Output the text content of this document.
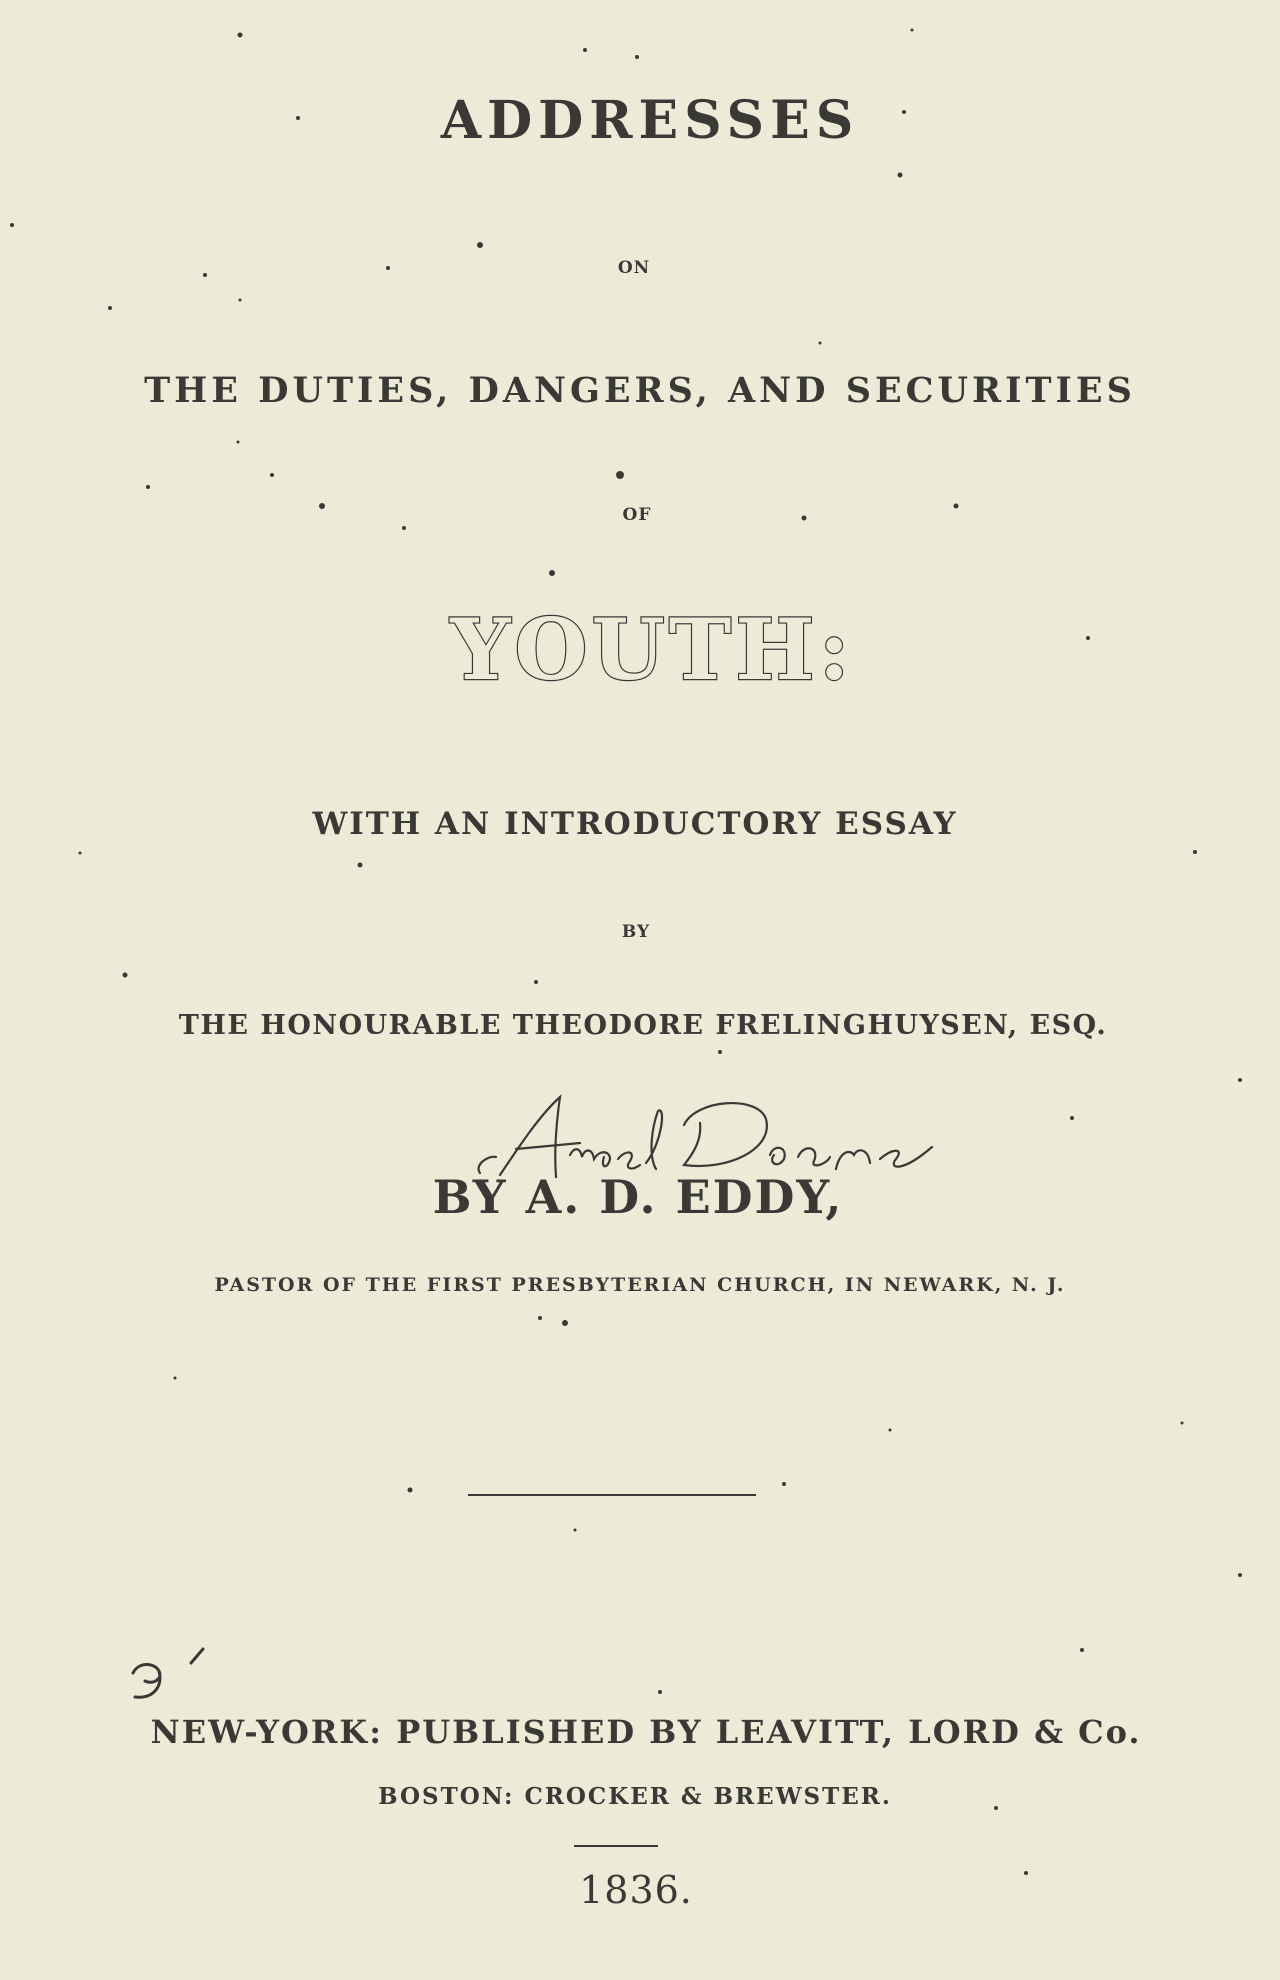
ADDRESSES
ON
THE DUTIES, DANGERS, AND SECURITIES
OF
YOUTH:
WITH AN INTRODUCTORY ESSAY
BY
THE HONOURABLE THEODORE FRELINGHUYSEN, ESQ.
BY A. D. EDDY,
PASTOR OF THE FIRST PRESBYTERIAN CHURCH, IN NEWARK, N. J.
NEW-YORK: PUBLISHED BY LEAVITT, LORD & Co.
BOSTON: CROCKER & BREWSTER.
1836.
